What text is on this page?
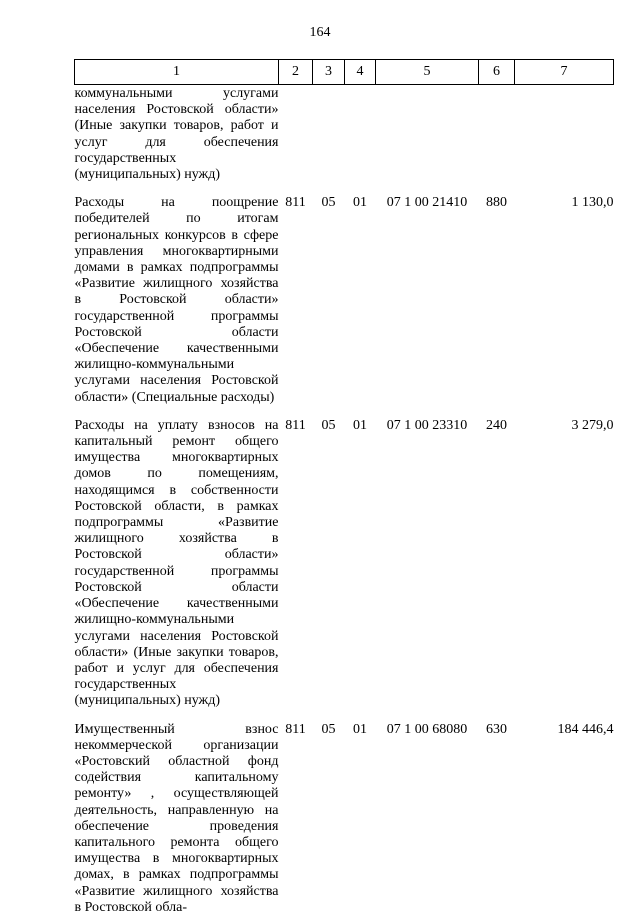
164
1	2	3	4	5	6	7
коммунальными услугами населения Ростовской области» (Иные закупки товаров, работ и услуг для обеспечения государственных (муниципальных) нужд)						
Расходы на поощрение победителей по итогам региональных конкурсов в сфере управления многоквартирными домами в рамках подпрограммы «Развитие жилищного хозяйства в Ростовской области» государственной программы Ростовской области «Обеспечение качественными жилищно-коммунальными услугами населения Ростовской области» (Специальные расходы)	811	05	01	07 1 00 21410	880	1 130,0
Расходы на уплату взносов на капитальный ремонт общего имущества многоквартирных домов по помещениям, находящимся в собственности Ростовской области, в рамках подпрограммы «Развитие жилищного хозяйства в Ростовской области» государственной программы Ростовской области «Обеспечение качественными жилищно-коммунальными услугами населения Ростовской области» (Иные закупки товаров, работ и услуг для обеспечения государственных (муниципальных) нужд)	811	05	01	07 1 00 23310	240	3 279,0
Имущественный взнос некоммерческой организации «Ростовский областной фонд содействия капитальному ремонту» , осуществляющей деятельность, направленную на обеспечение проведения капитального ремонта общего имущества в многоквартирных домах, в рамках подпрограммы «Развитие жилищного хозяйства в Ростовской обла-	811	05	01	07 1 00 68080	630	184 446,4
